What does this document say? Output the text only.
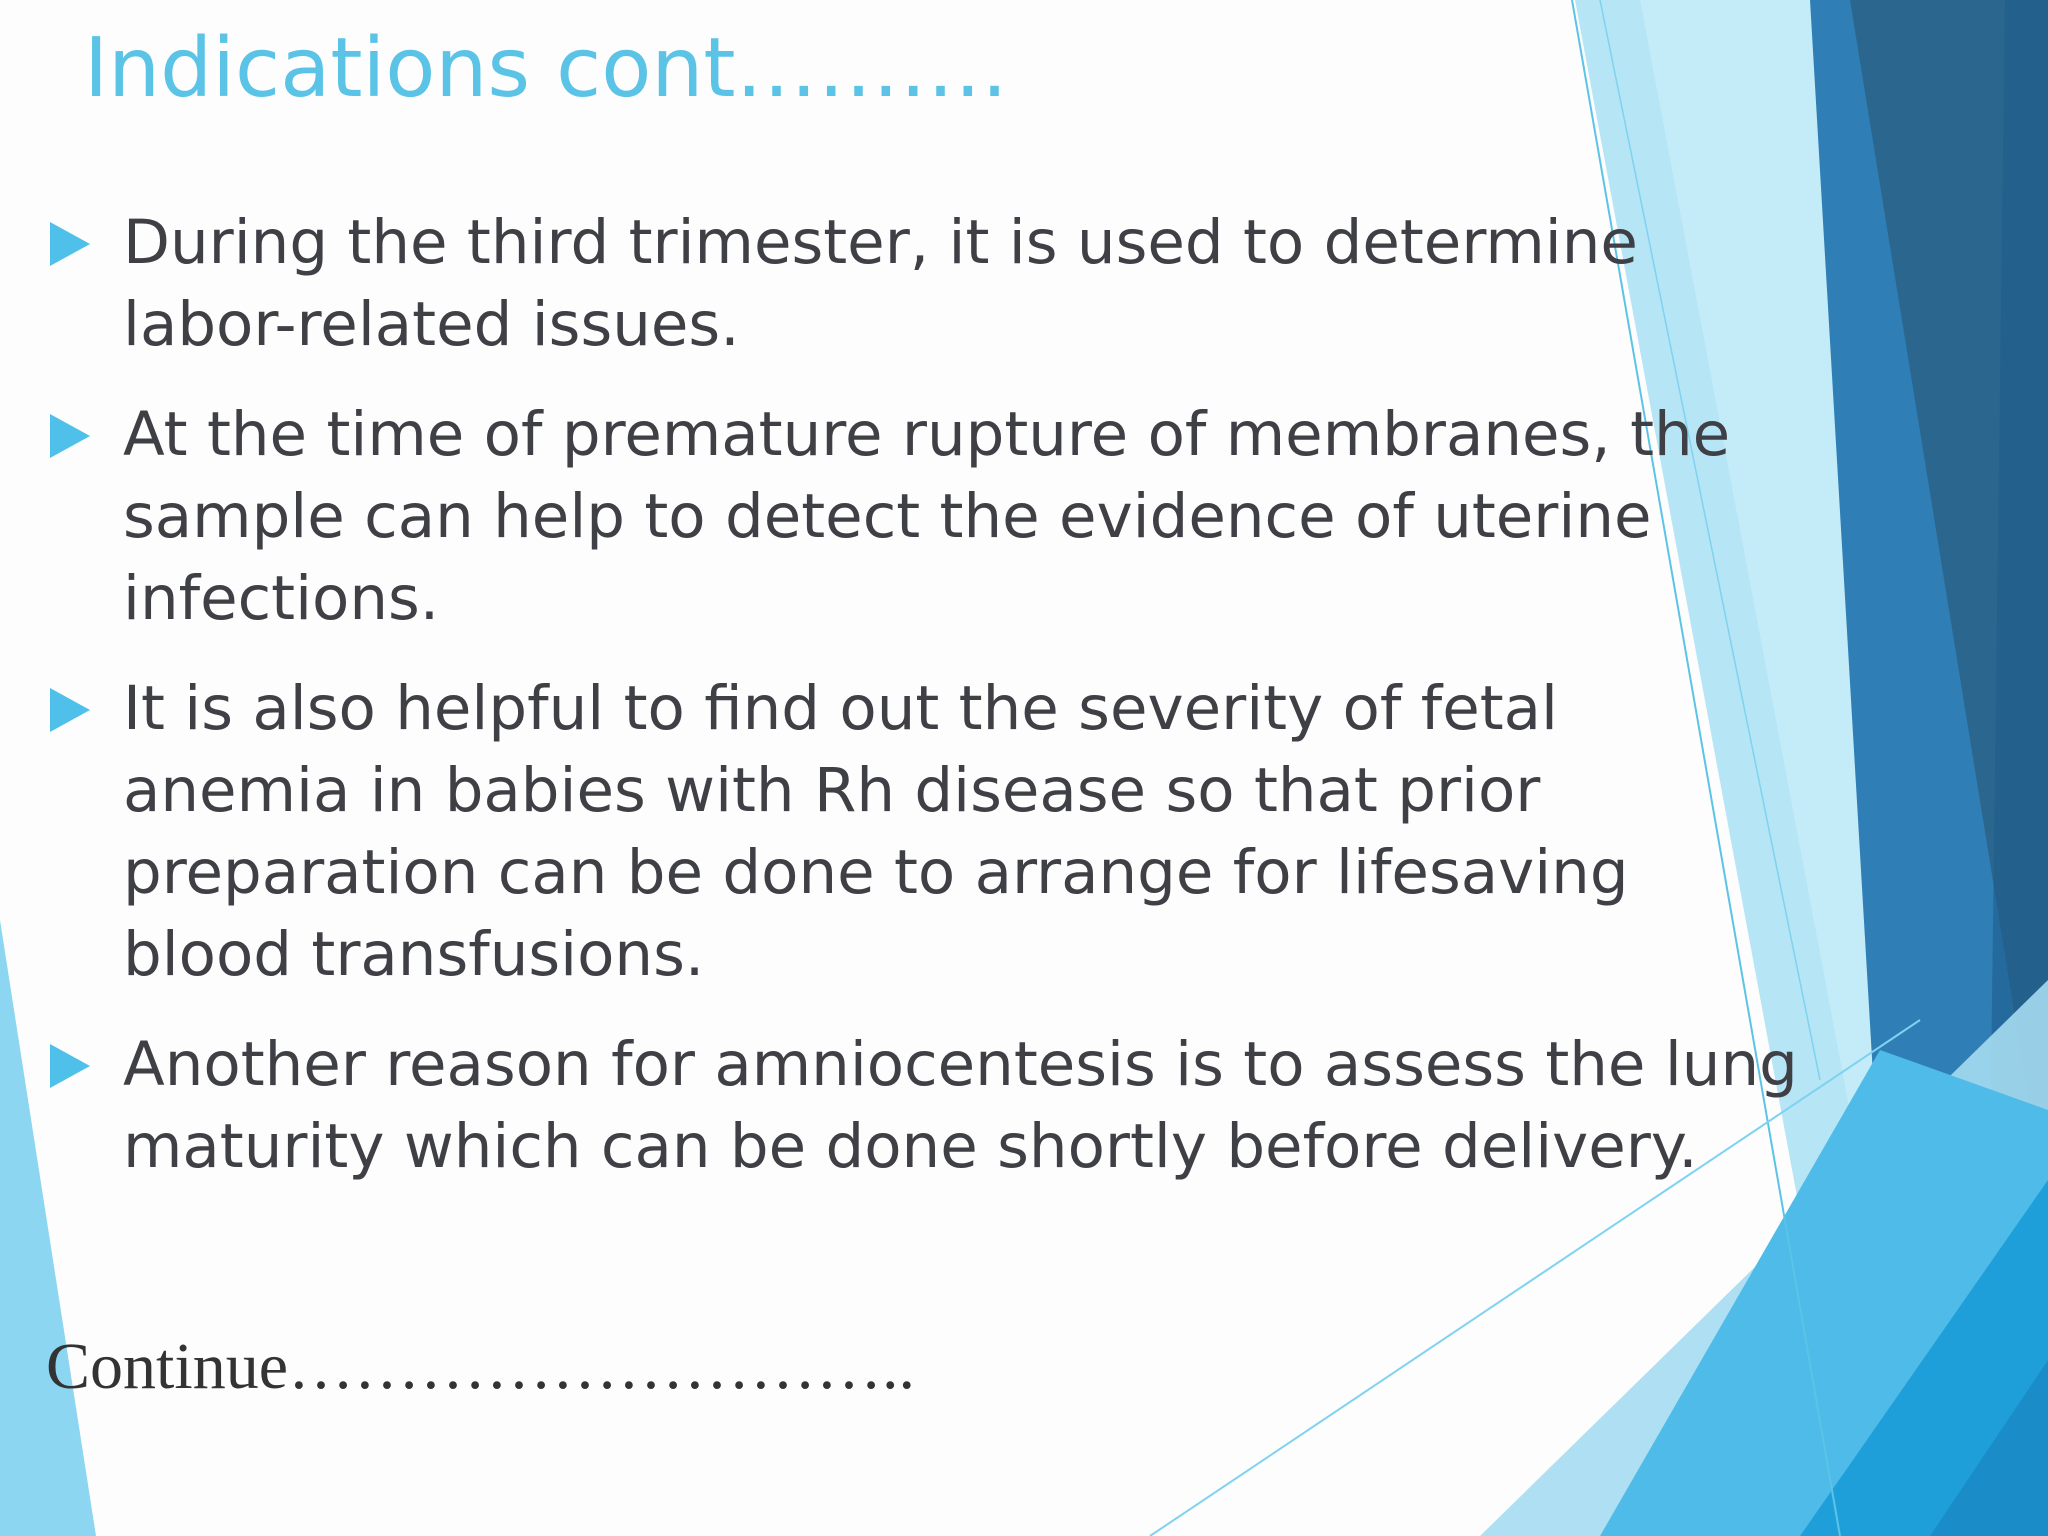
Indications cont……….
During the third trimester, it is used to determine
labor-related issues.
At the time of premature rupture of membranes, the
sample can help to detect the evidence of uterine
infections.
It is also helpful to find out the severity of fetal
anemia in babies with Rh disease so that prior
preparation can be done to arrange for lifesaving
blood transfusions.
Another reason for amniocentesis is to assess the lung
maturity which can be done shortly before delivery.
Continue………………………..
